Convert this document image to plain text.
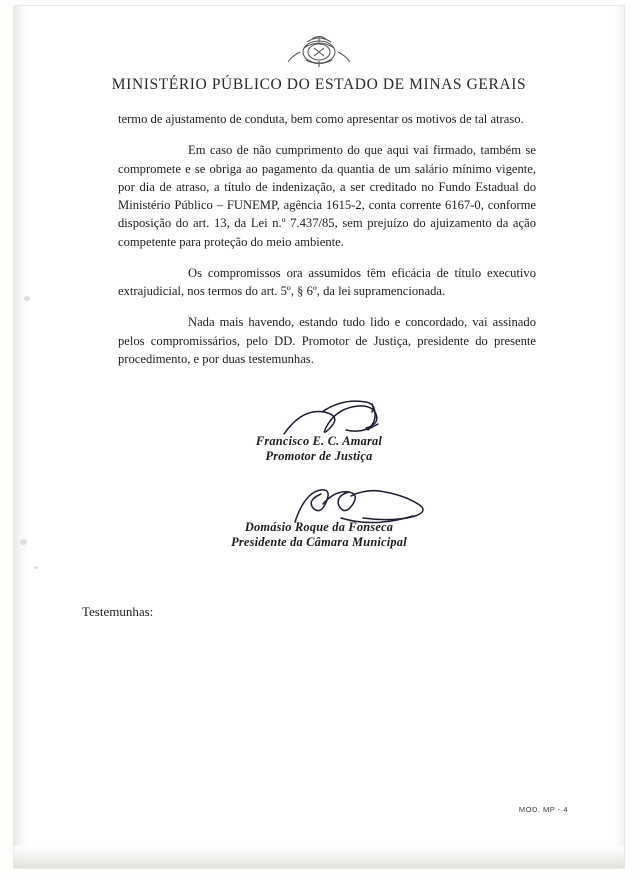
MINISTÉRIO PÚBLICO DO ESTADO DE MINAS GERAIS

termo de ajustamento de conduta, bem como apresentar os motivos de tal atraso.

Em caso de não cumprimento do que aqui vai firmado, também se compromete e se obriga ao pagamento da quantia de um salário mínimo vigente, por dia de atraso, a título de indenização, a ser creditado no Fundo Estadual do Ministério Público – FUNEMP, agência 1615-2, conta corrente 6167-0, conforme disposição do art. 13, da Lei n.º 7.437/85, sem prejuízo do ajuizamento da ação competente para proteção do meio ambiente.

Os compromissos ora assumidos têm eficácia de título executivo extrajudicial, nos termos do art. 5º, § 6º, da lei supramencionada.

Nada mais havendo, estando tudo lido e concordado, vai assinado pelos compromissários, pelo DD. Promotor de Justiça, presidente do presente procedimento, e por duas testemunhas.

Francisco E. C. Amaral
Promotor de Justiça
Domásio Roque da Fonseca
Presidente da Câmara Municipal
Testemunhas:
MOD. MP - 4
